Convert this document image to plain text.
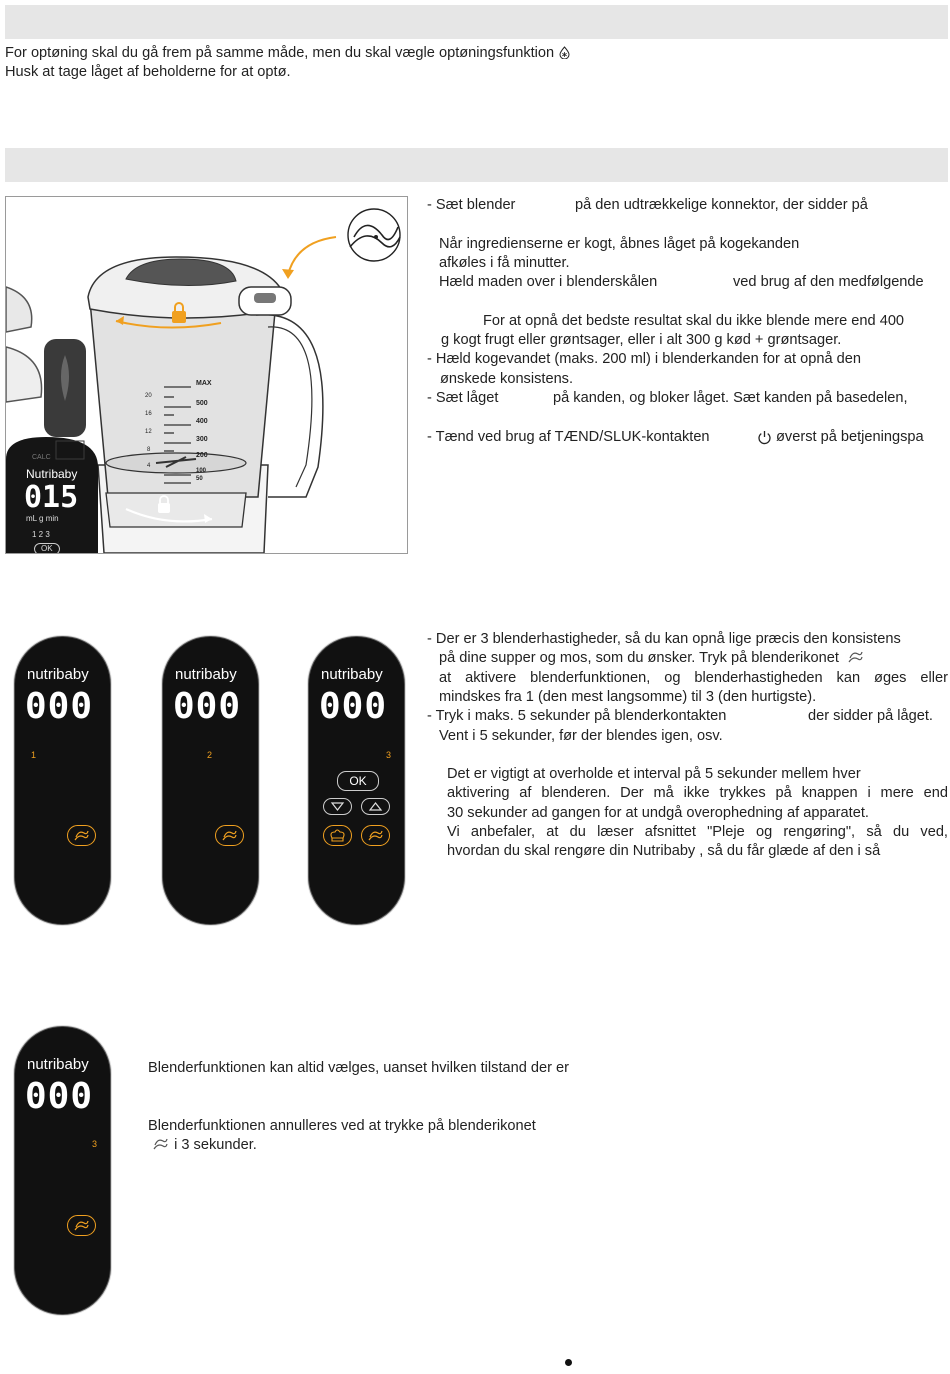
For optøning skal du gå frem på samme måde, men du skal vægle optøningsfunktion
Husk at tage låget af beholderne for at optø.
MAX
500
400
300
200
100
50
20
16
12
8
4
CALC
Nutribaby
015
mL g min
1 2 3
OK
- Sæt blender	på den udtrækkelige konnektor, der sidder på
Når ingredienserne er kogt, åbnes låget på kogekanden
afkøles i få minutter.
Hæld maden over i blenderskålen	ved brug af den medfølgende
For at opnå det bedste resultat skal du ikke blende mere end 400
g kogt frugt eller grøntsager, eller i alt 300 g kød + grøntsager.
- Hæld kogevandet (maks. 200 ml) i blenderkanden for at opnå den
ønskede konsistens.
- Sæt låget	på kanden, og bloker låget. Sæt kanden på basedelen,
- Tænd ved brug af TÆND/SLUK-kontakten	øverst på betjeningspa
nutribaby
000
1
nutribaby
000
2
nutribaby
000
3
OK
- Der er 3 blenderhastigheder, så du kan opnå lige præcis den konsistens
på dine supper og mos, som du ønsker. Tryk på blenderikonet
at aktivere blenderfunktionen, og blenderhastigheden kan øges eller
mindskes fra 1 (den mest langsomme) til 3 (den hurtigste).
- Tryk i maks. 5 sekunder på blenderkontakten	der sidder på låget.
Vent i 5 sekunder, før der blendes igen, osv.
Det er vigtigt at overholde et interval på 5 sekunder mellem hver
aktivering af blenderen. Der må ikke trykkes på knappen i mere end
30 sekunder ad gangen for at undgå overophedning af apparatet.
Vi anbefaler, at du læser afsnittet "Pleje og rengøring", så du ved,
hvordan du skal rengøre din Nutribaby , så du får glæde af den i så
nutribaby
000
3
Blenderfunktionen kan altid vælges, uanset hvilken tilstand der er
Blenderfunktionen annulleres ved at trykke på blenderikonet
i 3 sekunder.
